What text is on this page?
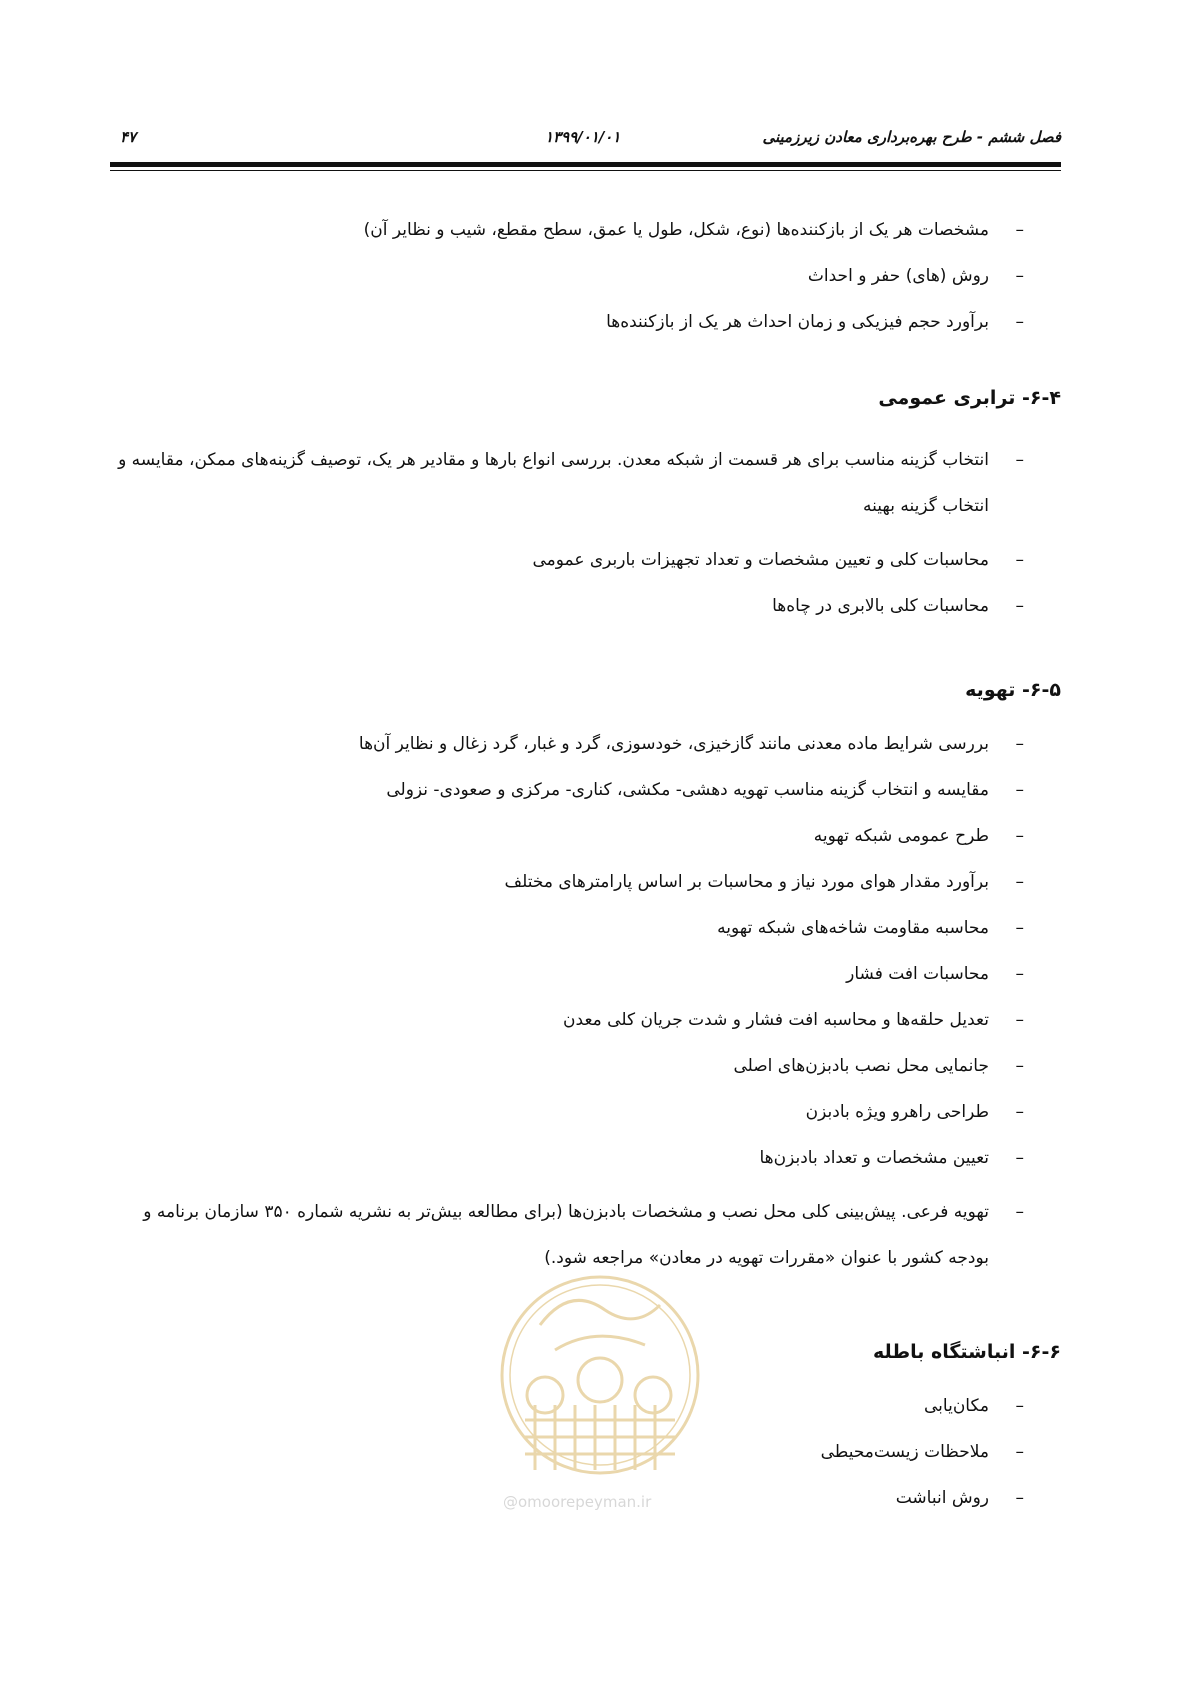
فصل ششم - طرح بهره‌برداری معادن زیرزمینی
۱۳۹۹/۰۱/۰۱
۴۷
–
مشخصات هر یک از بازکننده‌ها (نوع، شکل، طول یا عمق، سطح مقطع، شیب و نظایر آن)
–
روش (های) حفر و احداث
–
برآورد حجم فیزیکی و زمان احداث هر یک از بازکننده‌ها
۶-۴- ترابری عمومی
–
انتخاب گزینه مناسب برای هر قسمت از شبکه معدن. بررسی انواع بارها و مقادیر هر یک، توصیف گزینه‌های ممکن، مقایسه و انتخاب گزینه بهینه
–
محاسبات کلی و تعیین مشخصات و تعداد تجهیزات باربری عمومی
–
محاسبات کلی بالابری در چاه‌ها
۶-۵- تهویه
–
بررسی شرایط ماده معدنی مانند گازخیزی، خودسوزی، گرد و غبار، گرد زغال و نظایر آن‌ها
–
مقایسه و انتخاب گزینه مناسب تهویه دهشی- مکشی، کناری- مرکزی و صعودی- نزولی
–
طرح عمومی شبکه تهویه
–
برآورد مقدار هوای مورد نیاز و محاسبات بر اساس پارامترهای مختلف
–
محاسبه مقاومت شاخه‌های شبکه تهویه
–
محاسبات افت فشار
–
تعدیل حلقه‌ها و محاسبه افت فشار و شدت جریان کلی معدن
–
جانمایی محل نصب بادبزن‌های اصلی
–
طراحی راهرو ویژه بادبزن
–
تعیین مشخصات و تعداد بادبزن‌ها
–
تهویه فرعی. پیش‌بینی کلی محل نصب و مشخصات بادبزن‌ها (برای مطالعه بیش‌تر به نشریه شماره ۳۵۰ سازمان برنامه و بودجه کشور با عنوان «مقررات تهویه در معادن» مراجعه شود.)
۶-۶- انباشتگاه باطله
–
مکان‌یابی
–
ملاحظات زیست‌محیطی
–
روش انباشت
@omoorepeyman.ir
